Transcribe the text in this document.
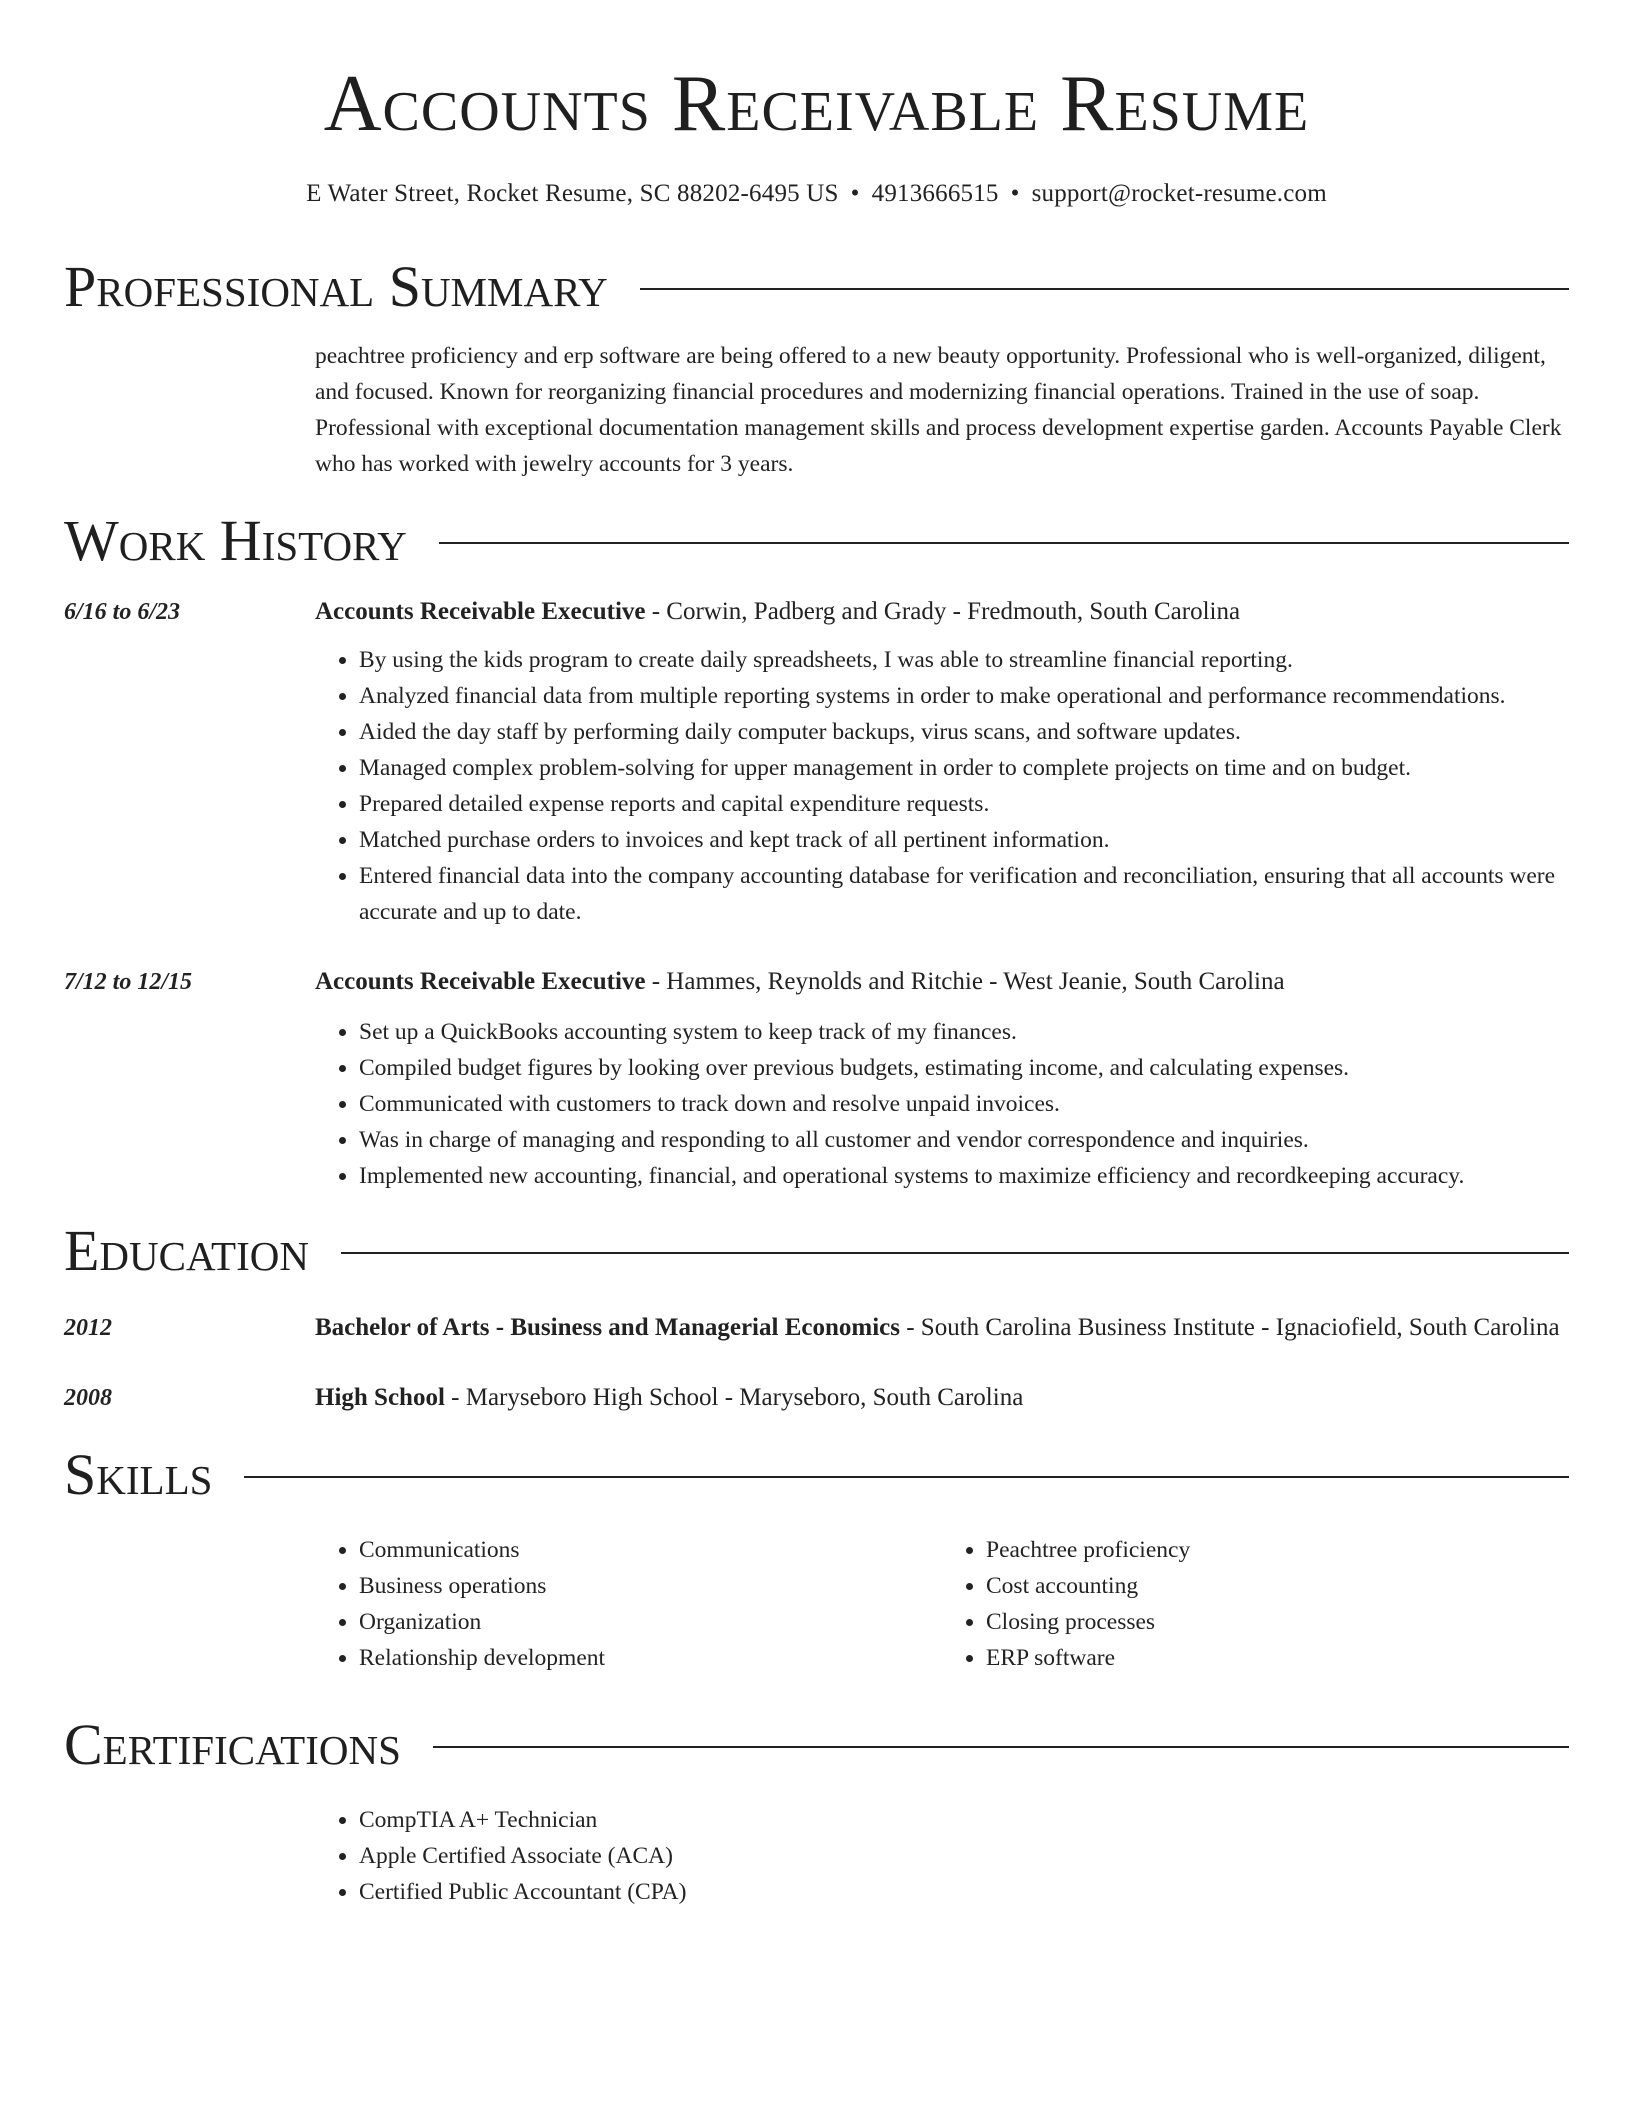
Accounts Receivable Resume
E Water Street, Rocket Resume, SC 88202-6495 US • 4913666515 • support@rocket-resume.com
Professional Summary
peachtree proficiency and erp software are being offered to a new beauty opportunity. Professional who is well-organized, diligent, and focused. Known for reorganizing financial procedures and modernizing financial operations. Trained in the use of soap. Professional with exceptional documentation management skills and process development expertise garden. Accounts Payable Clerk who has worked with jewelry accounts for 3 years.
Work History
6/16 to 6/23	Accounts Receivable Executive - Corwin, Padberg and Grady - Fredmouth, South Carolina
• By using the kids program to create daily spreadsheets, I was able to streamline financial reporting.
• Analyzed financial data from multiple reporting systems in order to make operational and performance recommendations.
• Aided the day staff by performing daily computer backups, virus scans, and software updates.
• Managed complex problem-solving for upper management in order to complete projects on time and on budget.
• Prepared detailed expense reports and capital expenditure requests.
• Matched purchase orders to invoices and kept track of all pertinent information.
• Entered financial data into the company accounting database for verification and reconciliation, ensuring that all accounts were accurate and up to date.
7/12 to 12/15	Accounts Receivable Executive - Hammes, Reynolds and Ritchie - West Jeanie, South Carolina
• Set up a QuickBooks accounting system to keep track of my finances.
• Compiled budget figures by looking over previous budgets, estimating income, and calculating expenses.
• Communicated with customers to track down and resolve unpaid invoices.
• Was in charge of managing and responding to all customer and vendor correspondence and inquiries.
• Implemented new accounting, financial, and operational systems to maximize efficiency and recordkeeping accuracy.
Education
2012	Bachelor of Arts - Business and Managerial Economics - South Carolina Business Institute - Ignaciofield, South Carolina
2008	High School - Maryseboro High School - Maryseboro, South Carolina
Skills
• Communications
• Business operations
• Organization
• Relationship development
• Peachtree proficiency
• Cost accounting
• Closing processes
• ERP software
Certifications
• CompTIA A+ Technician
• Apple Certified Associate (ACA)
• Certified Public Accountant (CPA)
